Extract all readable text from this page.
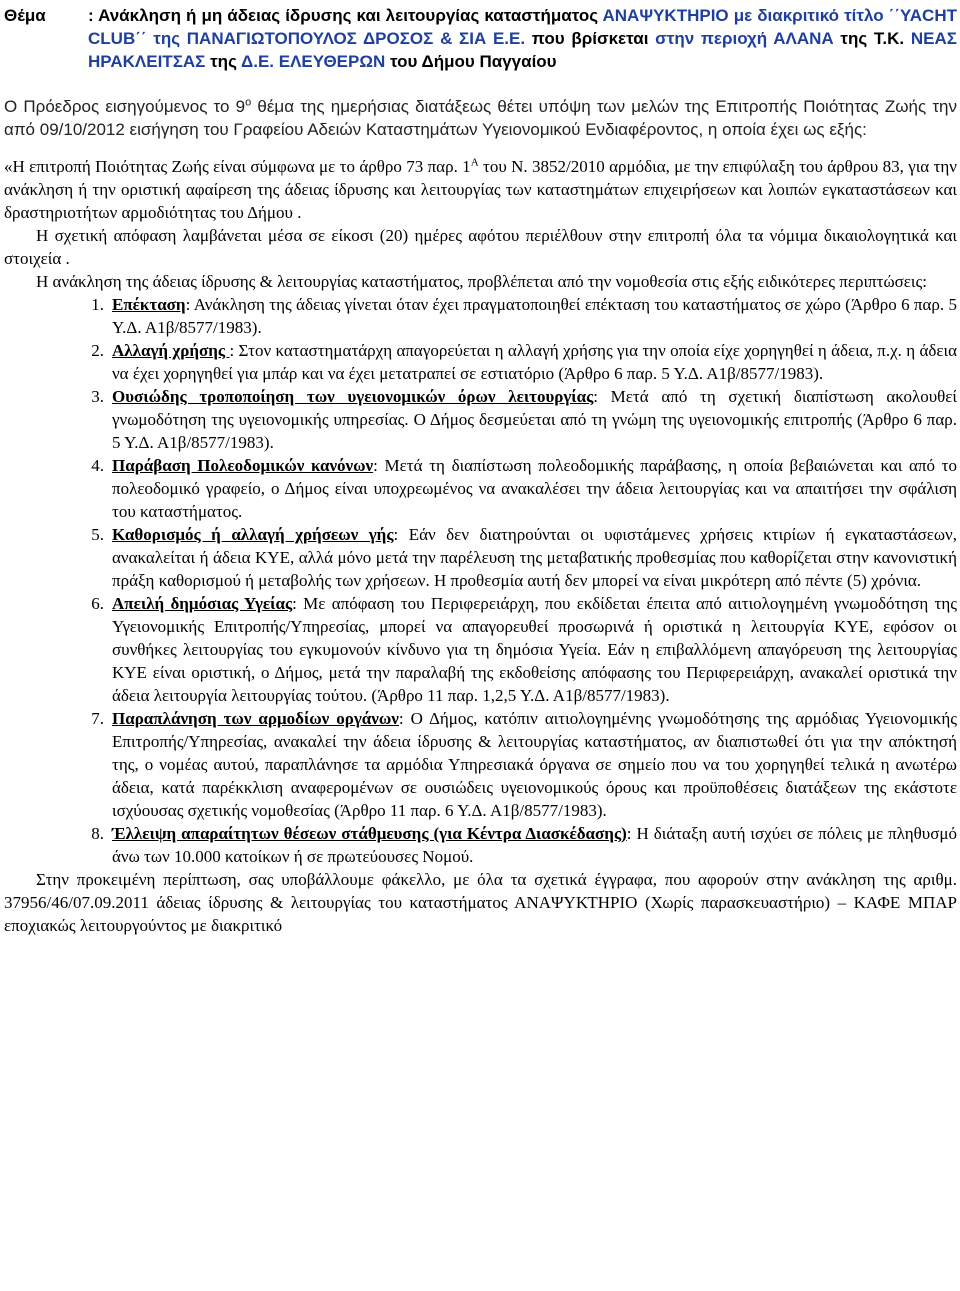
Θέμα	: Ανάκληση ή μη άδειας ίδρυσης και λειτουργίας καταστήματος ΑΝΑΨΥΚΤΗΡΙΟ με διακριτικό τίτλο ΄΄YACHT CLUB΄΄ της ΠΑΝΑΓΙΩΤΟΠΟΥΛΟΣ ΔΡΟΣΟΣ & ΣΙΑ Ε.Ε. που βρίσκεται στην περιοχή ΑΛΑΝΑ της Τ.Κ. ΝΕΑΣ ΗΡΑΚΛΕΙΤΣΑΣ της Δ.Ε. ΕΛΕΥΘΕΡΩΝ του Δήμου Παγγαίου
Ο Πρόεδρος εισηγούμενος το $9^o$ θέμα της ημερήσιας διατάξεως θέτει υπόψη των μελών της Επιτροπής Ποιότητας Ζωής την από 09/10/2012 εισήγηση του Γραφείου Αδειών Καταστημάτων Υγειονομικού Ενδιαφέροντος, η οποία έχει ως εξής:
«Η επιτροπή Ποιότητας Ζωής είναι σύμφωνα με το άρθρο 73 παρ. $1^A$ του Ν. 3852/2010 αρμόδια, με την επιφύλαξη του άρθρου 83, για την ανάκληση ή την οριστική αφαίρεση της άδειας ίδρυσης και λειτουργίας των καταστημάτων επιχειρήσεων και λοιπών εγκαταστάσεων και δραστηριοτήτων αρμοδιότητας του Δήμου .
Η σχετική απόφαση λαμβάνεται μέσα σε είκοσι (20) ημέρες αφότου περιέλθουν στην επιτροπή όλα τα νόμιμα δικαιολογητικά και στοιχεία .
Η ανάκληση της άδειας ίδρυσης & λειτουργίας καταστήματος, προβλέπεται από την νομοθεσία στις εξής ειδικότερες περιπτώσεις:
1. Επέκταση: Ανάκληση της άδειας γίνεται όταν έχει πραγματοποιηθεί επέκταση του καταστήματος σε χώρο (Άρθρο 6 παρ. 5 Υ.Δ. Α1β/8577/1983).
2. Αλλαγή χρήσης : Στον καταστηματάρχη απαγορεύεται η αλλαγή χρήσης για την οποία είχε χορηγηθεί η άδεια, π.χ. η άδεια να έχει χορηγηθεί για μπάρ και να έχει μετατραπεί σε εστιατόριο (Άρθρο 6 παρ. 5 Υ.Δ. Α1β/8577/1983).
3. Ουσιώδης τροποποίηση των υγειονομικών όρων λειτουργίας: Μετά από τη σχετική διαπίστωση ακολουθεί γνωμοδότηση της υγειονομικής υπηρεσίας. Ο Δήμος δεσμεύεται από τη γνώμη της υγειονομικής επιτροπής (Άρθρο 6 παρ. 5 Υ.Δ. Α1β/8577/1983).
4. Παράβαση Πολεοδομικών κανόνων: Μετά τη διαπίστωση πολεοδομικής παράβασης, η οποία βεβαιώνεται και από το πολεοδομικό γραφείο, ο Δήμος είναι υποχρεωμένος να ανακαλέσει την άδεια λειτουργίας και να απαιτήσει την σφάλιση του καταστήματος.
5. Καθορισμός ή αλλαγή χρήσεων γής: Εάν δεν διατηρούνται οι υφιστάμενες χρήσεις κτιρίων ή εγκαταστάσεων, ανακαλείται ή άδεια ΚΥΕ, αλλά μόνο μετά την παρέλευση της μεταβατικής προθεσμίας που καθορίζεται στην κανονιστική πράξη καθορισμού ή μεταβολής των χρήσεων. Η προθεσμία αυτή δεν μπορεί να είναι μικρότερη από πέντε (5) χρόνια.
6. Απειλή δημόσιας Υγείας: Με απόφαση του Περιφερειάρχη, που εκδίδεται έπειτα από αιτιολογημένη γνωμοδότηση της Υγειονομικής Επιτροπής/Υπηρεσίας, μπορεί να απαγορευθεί προσωρινά ή οριστικά η λειτουργία ΚΥΕ, εφόσον οι συνθήκες λειτουργίας του εγκυμονούν κίνδυνο για τη δημόσια Υγεία. Εάν η επιβαλλόμενη απαγόρευση της λειτουργίας ΚΥΕ είναι οριστική, ο Δήμος, μετά την παραλαβή της εκδοθείσης απόφασης του Περιφερειάρχη, ανακαλεί οριστικά την άδεια λειτουργία λειτουργίας τούτου. (Άρθρο 11 παρ. 1,2,5 Υ.Δ. Α1β/8577/1983).
7. Παραπλάνηση των αρμοδίων οργάνων: Ο Δήμος, κατόπιν αιτιολογημένης γνωμοδότησης της αρμόδιας Υγειονομικής Επιτροπής/Υπηρεσίας, ανακαλεί την άδεια ίδρυσης & λειτουργίας καταστήματος, αν διαπιστωθεί ότι για την απόκτησή της, ο νομέας αυτού, παραπλάνησε τα αρμόδια Υπηρεσιακά όργανα σε σημείο που να του χορηγηθεί τελικά η ανωτέρω άδεια, κατά παρέκκλιση αναφερομένων σε ουσιώδεις υγειονομικούς όρους και προϋποθέσεις διατάξεων της εκάστοτε ισχύουσας σχετικής νομοθεσίας (Άρθρο 11 παρ. 6 Υ.Δ. Α1β/8577/1983).
8. Έλλειψη απαραίτητων θέσεων στάθμευσης (για Κέντρα Διασκέδασης): Η διάταξη αυτή ισχύει σε πόλεις με πληθυσμό άνω των 10.000 κατοίκων ή σε πρωτεύουσες Νομού.
Στην προκειμένη περίπτωση, σας υποβάλλουμε φάκελλο, με όλα τα σχετικά έγγραφα, που αφορούν στην ανάκληση της αριθμ. 37956/46/07.09.2011 άδειας ίδρυσης & λειτουργίας του καταστήματος ΑΝΑΨΥΚΤΗΡΙΟ (Χωρίς παρασκευαστήριο) – ΚΑΦΕ ΜΠΑΡ εποχιακώς λειτουργούντος με διακριτικό
